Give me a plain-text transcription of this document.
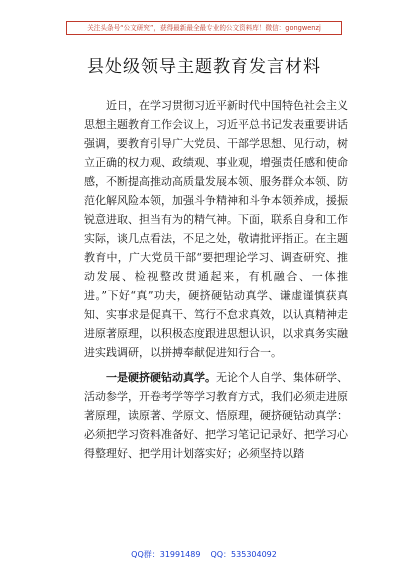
关注头条号“公文研究”，获得最新最全最专业的公文资料库！微信：gongwenzj
县处级领导主题教育发言材料

近日，在学习贯彻习近平新时代中国特色社会主义思想主题教育工作会议上，习近平总书记发表重要讲话强调，要教育引导广大党员、干部学思想、见行动，树立正确的权力观、政绩观、事业观，增强责任感和使命感，不断提高推动高质量发展本领、服务群众本领、防范化解风险本领，加强斗争精神和斗争本领养成，援振锐意进取、担当有为的精气神。下面，联系自身和工作实际，谈几点看法，不足之处，敬请批评指正。在主题教育中，广大党员干部“要把理论学习、调查研究、推动发展、检视整改贯通起来，有机融合、一体推进。”下好“真”功夫，硬挤硬钻动真学、谦虚谨慎获真知、实事求是促真干、笃行不怠求真效，以认真精神走进原著原理，以积极态度跟进思想认识，以求真务实融进实践调研，以拼搏奉献促进知行合一。

一是硬挤硬钻动真学。无论个人自学、集体研学、活动参学，开卷考学等学习教育方式，我们必须走进原著原理，读原著、学原文、悟原理，硬挤硬钻动真学：必须把学习资料准备好、把学习笔记记录好、把学习心得整理好、把学用计划落实好；必须坚持以踏

QQ群：31991489 QQ：535304092
